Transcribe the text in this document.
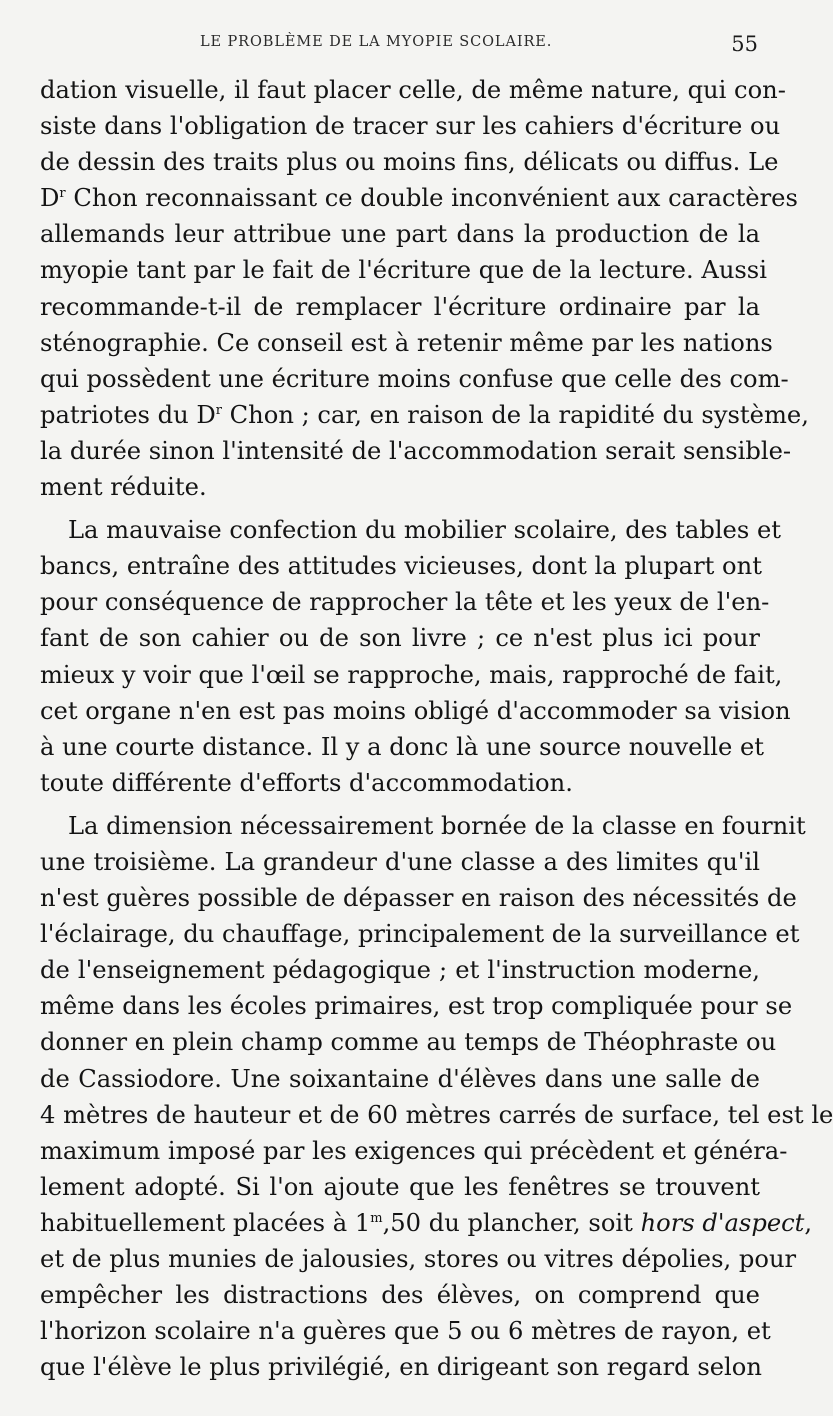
LE PROBLÈME DE LA MYOPIE SCOLAIRE.	55
dation visuelle, il faut placer celle, de même nature, qui con-
siste dans l'obligation de tracer sur les cahiers d'écriture ou
de dessin des traits plus ou moins fins, délicats ou diffus. Le
$D^r$ Chon reconnaissant ce double inconvénient aux caractères
allemands leur attribue une part dans la production de la
myopie tant par le fait de l'écriture que de la lecture. Aussi
recommande-t-il de remplacer l'écriture ordinaire par la
sténographie. Ce conseil est à retenir même par les nations
qui possèdent une écriture moins confuse que celle des com-
patriotes du $D^r$ Chon ; car, en raison de la rapidité du système,
la durée sinon l'intensité de l'accommodation serait sensible-
ment réduite.
La mauvaise confection du mobilier scolaire, des tables et
bancs, entraîne des attitudes vicieuses, dont la plupart ont
pour conséquence de rapprocher la tête et les yeux de l'en-
fant de son cahier ou de son livre ; ce n'est plus ici pour
mieux y voir que l'œil se rapproche, mais, rapproché de fait,
cet organe n'en est pas moins obligé d'accommoder sa vision
à une courte distance. Il y a donc là une source nouvelle et
toute différente d'efforts d'accommodation.
La dimension nécessairement bornée de la classe en fournit
une troisième. La grandeur d'une classe a des limites qu'il
n'est guères possible de dépasser en raison des nécessités de
l'éclairage, du chauffage, principalement de la surveillance et
de l'enseignement pédagogique ; et l'instruction moderne,
même dans les écoles primaires, est trop compliquée pour se
donner en plein champ comme au temps de Théophraste ou
de Cassiodore. Une soixantaine d'élèves dans une salle de
4 mètres de hauteur et de 60 mètres carrés de surface, tel est le
maximum imposé par les exigences qui précèdent et généra-
lement adopté. Si l'on ajoute que les fenêtres se trouvent
habituellement placées à 1$^m$,50 du plancher, soit hors d'aspect,
et de plus munies de jalousies, stores ou vitres dépolies, pour
empêcher les distractions des élèves, on comprend que
l'horizon scolaire n'a guères que 5 ou 6 mètres de rayon, et
que l'élève le plus privilégié, en dirigeant son regard selon
